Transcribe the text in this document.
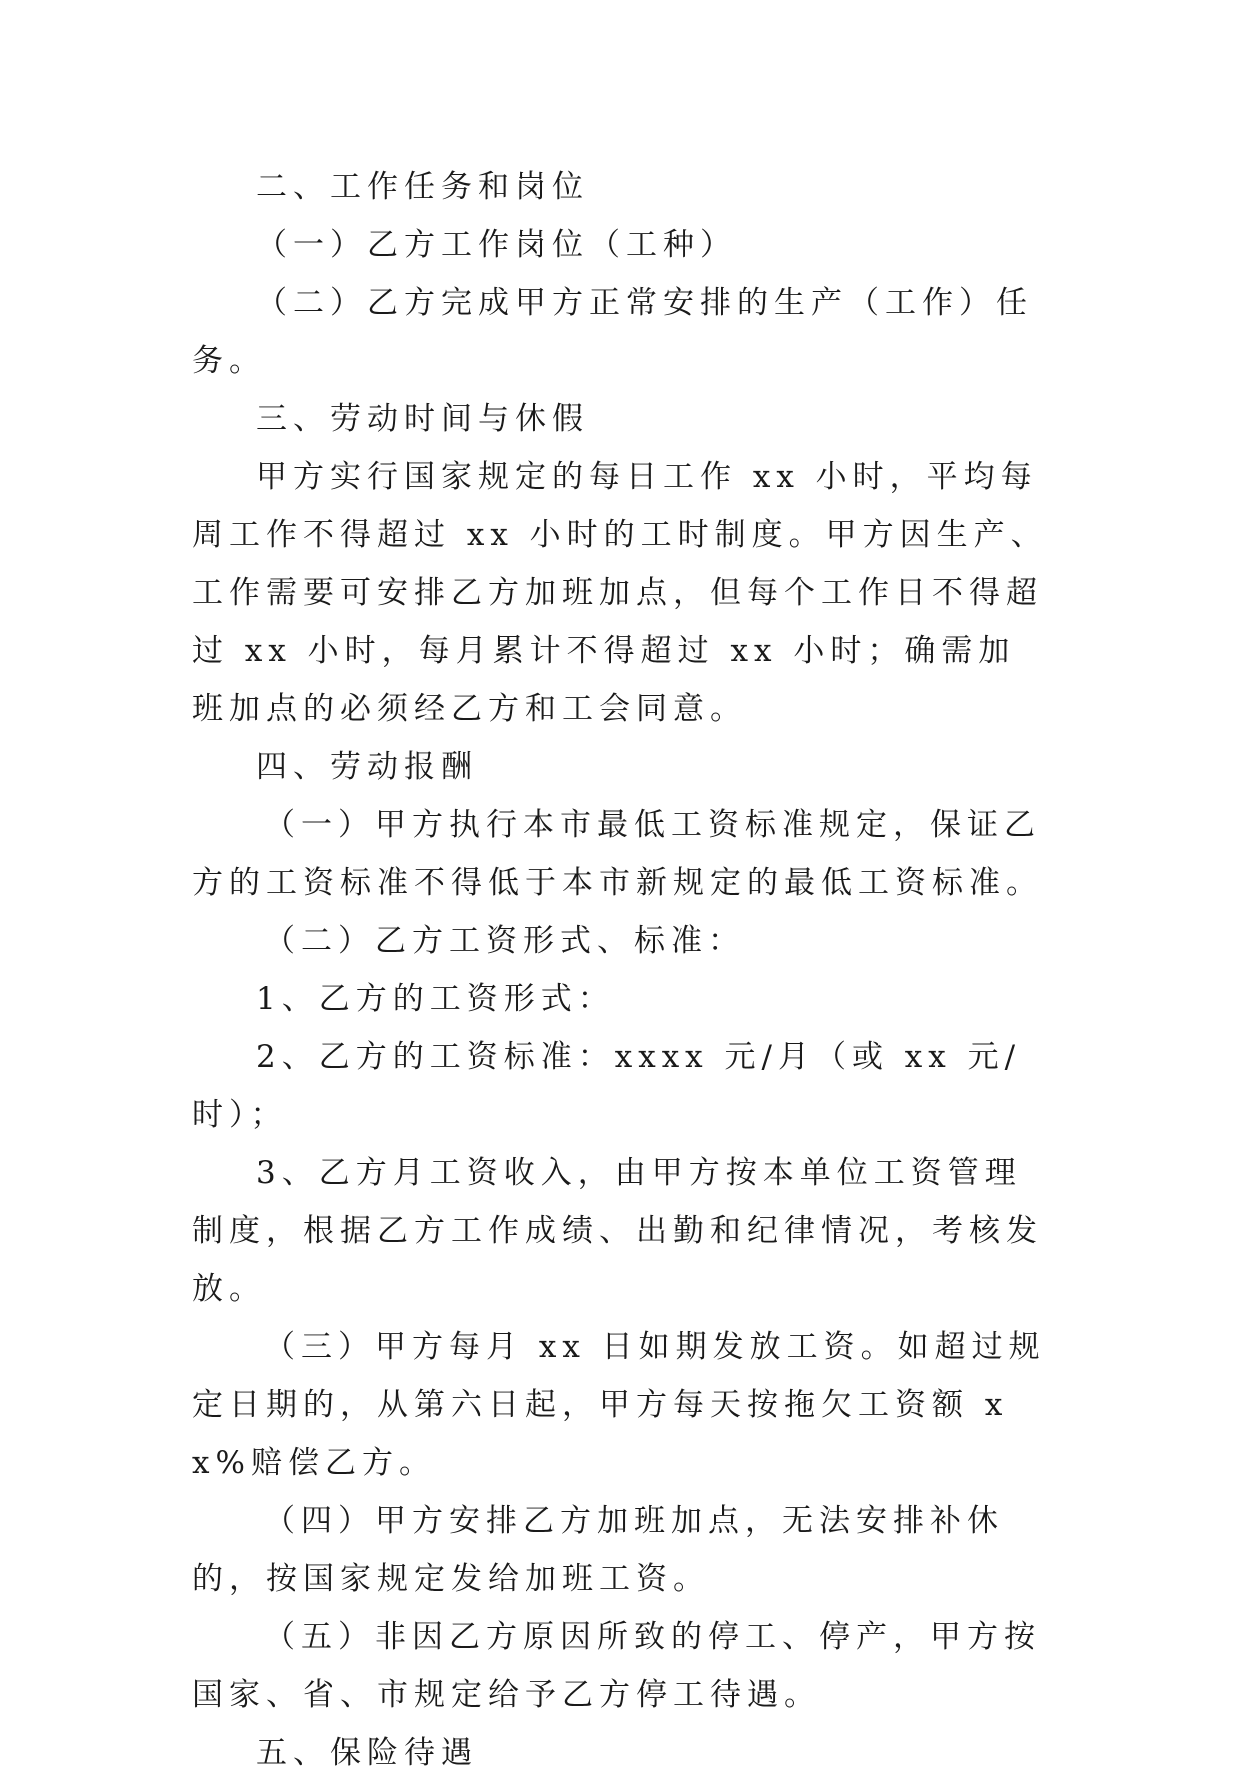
二、工作任务和岗位

（一）乙方工作岗位（工种）

（二）乙方完成甲方正常安排的生产（工作）任务。

三、劳动时间与休假

甲方实行国家规定的每日工作 xx 小时，平均每周工作不得超过 xx 小时的工时制度。甲方因生产、工作需要可安排乙方加班加点，但每个工作日不得超过 xx 小时，每月累计不得超过 xx 小时；确需加班加点的必须经乙方和工会同意。

四、劳动报酬

（一）甲方执行本市最低工资标准规定，保证乙方的工资标准不得低于本市新规定的最低工资标准。

（二）乙方工资形式、标准：

1、乙方的工资形式：

2、乙方的工资标准：xxxx 元/月（或 xx 元/时）；

3、乙方月工资收入，由甲方按本单位工资管理制度，根据乙方工作成绩、出勤和纪律情况，考核发放。

（三）甲方每月 xx 日如期发放工资。如超过规定日期的，从第六日起，甲方每天按拖欠工资额 xx%赔偿乙方。

（四）甲方安排乙方加班加点，无法安排补休的，按国家规定发给加班工资。

（五）非因乙方原因所致的停工、停产，甲方按国家、省、市规定给予乙方停工待遇。

五、保险待遇
